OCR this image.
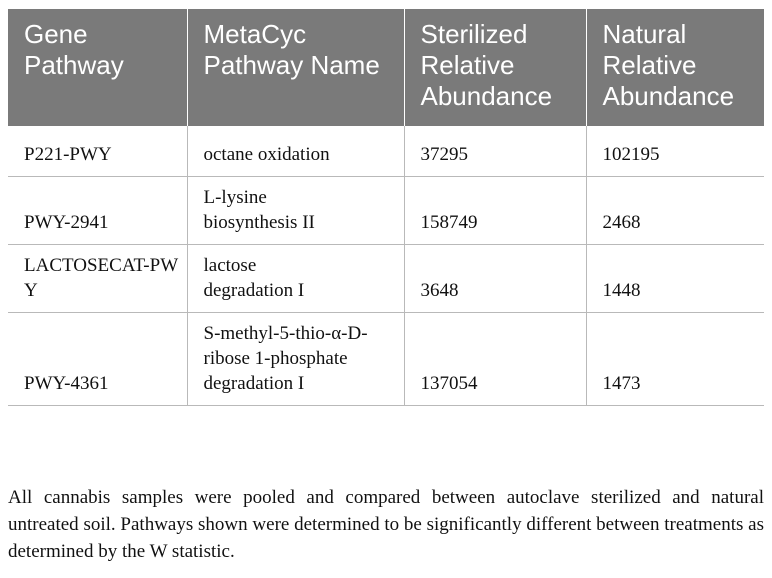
Gene Pathway	MetaCyc Pathway Name	Sterilized Relative Abundance	Natural Relative Abundance
P221-PWY	octane oxidation	37295	102195
PWY-2941	L-lysine biosynthesis II	158749	2468
LACTOSECAT-PWY	lactose degradation I	3648	1448
PWY-4361	S-methyl-5-thio-α-D-ribose 1-phosphate degradation I	137054	1473

All cannabis samples were pooled and compared between autoclave sterilized and natural untreated soil. Pathways shown were determined to be significantly different between treatments as determined by the W statistic.
